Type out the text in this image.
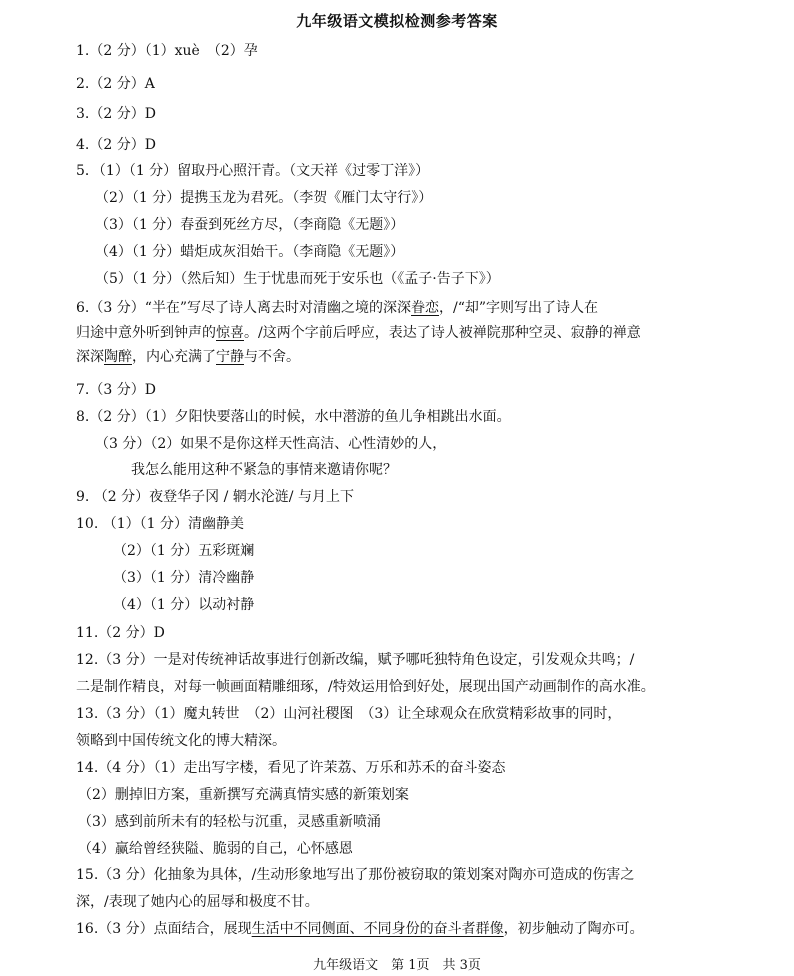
九年级语文模拟检测参考答案
1.（2 分）（1）xuè　（2）孕
2.（2 分）A
3.（2 分）D
4.（2 分）D
5．（1）（1 分）留取丹心照汗青。（文天祥《过零丁洋》）
（2）（1 分）提携玉龙为君死。（李贺《雁门太守行》）
（3）（1 分）春蚕到死丝方尽，（李商隐《无题》）
（4）（1 分）蜡炬成灰泪始干。（李商隐《无题》）
（5）（1 分）（然后知）生于忧患而死于安乐也（《孟子·告子下》）
6.（3 分）“半在”写尽了诗人离去时对清幽之境的深深眷恋，/“却”字则写出了诗人在
归途中意外听到钟声的惊喜。/这两个字前后呼应，表达了诗人被禅院那种空灵、寂静的禅意
深深陶醉，内心充满了宁静与不舍。
7.（3 分）D
8.（2 分）（1）夕阳快要落山的时候，水中潜游的鱼儿争相跳出水面。
（3 分）（2）如果不是你这样天性高洁、心性清妙的人，
我怎么能用这种不紧急的事情来邀请你呢？
9. （2 分）夜登华子冈 / 辋水沦涟/ 与月上下
10. （1）（1 分）清幽静美
（2）（1 分）五彩斑斓
（3）（1 分）清冷幽静
（4）（1 分）以动衬静
11.（2 分）D
12.（3 分）一是对传统神话故事进行创新改编，赋予哪吒独特角色设定，引发观众共鸣；/
二是制作精良，对每一帧画面精雕细琢，/特效运用恰到好处，展现出国产动画制作的高水准。
13.（3 分）（1）魔丸转世　（2）山河社稷图　（3）让全球观众在欣赏精彩故事的同时，
领略到中国传统文化的博大精深。
14.（4 分）（1）走出写字楼，看见了许茉荔、万乐和苏禾的奋斗姿态
（2）删掉旧方案，重新撰写充满真情实感的新策划案
（3）感到前所未有的轻松与沉重，灵感重新喷涌
（4）赢给曾经狭隘、脆弱的自己，心怀感恩
15.（3 分）化抽象为具体，/生动形象地写出了那份被窃取的策划案对陶亦可造成的伤害之
深，/表现了她内心的屈辱和极度不甘。
16.（3 分）点面结合，展现生活中不同侧面、不同身份的奋斗者群像，初步触动了陶亦可。
九年级语文　第 1页　共 3页
